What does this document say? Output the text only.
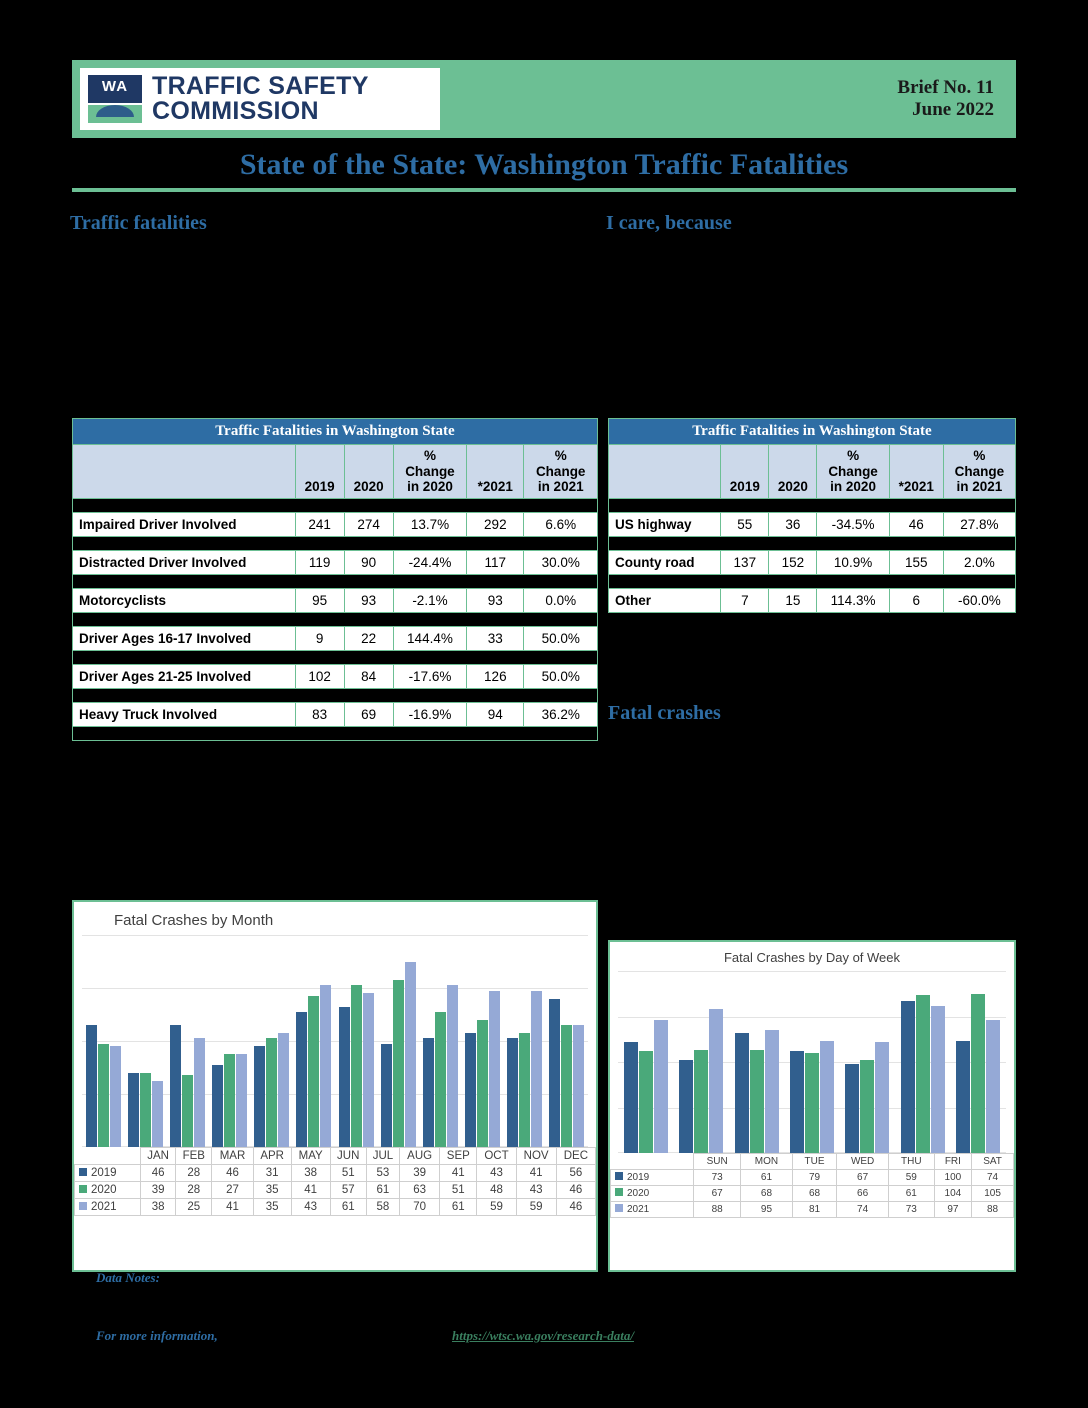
WA TRAFFIC SAFETY
COMMISSION
Brief No. 11
June 2022
State of the State: Washington Traffic Fatalities
Traffic fatalities	I care, because
Fatal crashes
Traffic Fatalities in Washington State					
	2019	2020	% Change in 2020	*2021	% Change in 2021

Impaired Driver Involved	241	274	13.7%	292	6.6%

Distracted Driver Involved	119	90	-24.4%	117	30.0%

Motorcyclists	95	93	-2.1%	93	0.0%

Driver Ages 16-17 Involved	9	22	144.4%	33	50.0%

Driver Ages 21-25 Involved	102	84	-17.6%	126	50.0%

Heavy Truck Involved	83	69	-16.9%	94	36.2%

Traffic Fatalities in Washington State					
	2019	2020	% Change in 2020	*2021	% Change in 2021

US highway	55	36	-34.5%	46	27.8%

County road	137	152	10.9%	155	2.0%

Other	7	15	114.3%	6	-60.0%
Fatal Crashes by Month
	JAN	FEB	MAR	APR	MAY	JUN	JUL	AUG	SEP	OCT	NOV	DEC
2019	46	28	46	31	38	51	53	39	41	43	41	56
2020	39	28	27	35	41	57	61	63	51	48	43	46
2021	38	25	41	35	43	61	58	70	61	59	59	46
Fatal Crashes by Day of Week
	SUN	MON	TUE	WED	THU	FRI	SAT
2019	73	61	79	67	59	100	74
2020	67	68	68	66	61	104	105
2021	88	95	81	74	73	97	88
Data Notes:
For more information,	https://wtsc.wa.gov/research-data/
